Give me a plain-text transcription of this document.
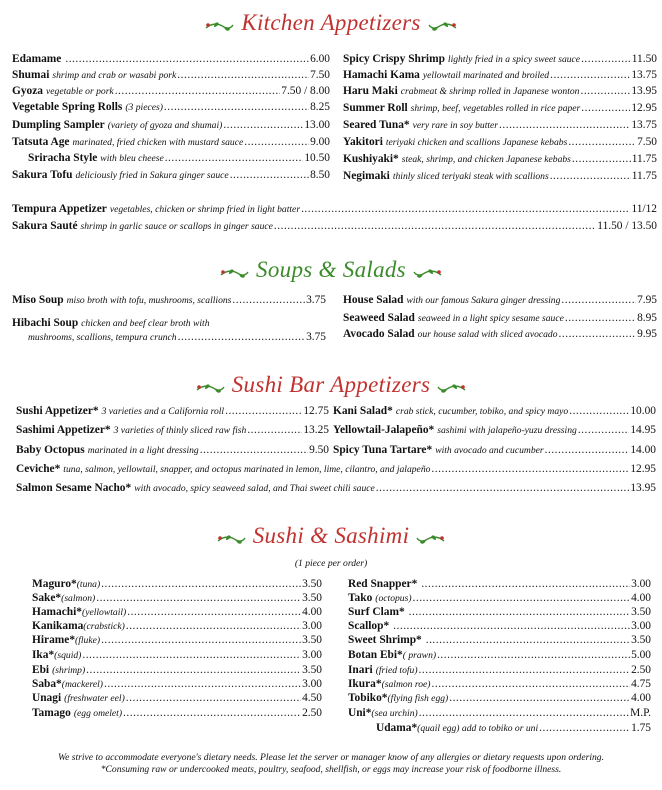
Kitchen Appetizers
Soups & Salads
Sushi Bar Appetizers
Sushi & Sashimi
Edamame .....	6.00
Shumai shrimp and crab or wasabi pork .....	7.50
Gyoza vegetable or pork .....	7.50 / 8.00
Vegetable Spring Rolls (3 pieces) .....	8.25
Dumpling Sampler (variety of gyoza and shumai) .....	13.00
Tatsuta Age marinated, fried chicken with mustard sauce .....	9.00
Sriracha Style with bleu cheese .....	10.50
Sakura Tofu deliciously fried in Sakura ginger sauce .....	8.50
Spicy Crispy Shrimp lightly fried in a spicy sweet sauce .....	11.50
Hamachi Kama yellowtail marinated and broiled .....	13.75
Haru Maki crabmeat & shrimp rolled in Japanese wonton .....	13.95
Summer Roll shrimp, beef, vegetables rolled in rice paper .....	12.95
Seared Tuna* very rare in soy butter .....	13.75
Yakitori teriyaki chicken and scallions Japanese kebabs .....	7.50
Kushiyaki* steak, shrimp, and chicken Japanese kebabs .....	11.75
Negimaki thinly sliced teriyaki steak with scallions .....	11.75
Tempura Appetizer vegetables, chicken or shrimp fried in light batter .....	11/12
Sakura Sauté shrimp in garlic sauce or scallops in ginger sauce .....	11.50 / 13.50
Miso Soup miso broth with tofu, mushrooms, scallions .....	3.75
Hibachi Soup chicken and beef clear broth with
mushrooms, scallions, tempura crunch .....	3.75
House Salad with our famous Sakura ginger dressing .....	7.95
Seaweed Salad seaweed in a light spicy sesame sauce .....	8.95
Avocado Salad our house salad with sliced avocado .....	9.95
Sushi Appetizer* 3 varieties and a California roll .....	12.75
Sashimi Appetizer* 3 varieties of thinly sliced raw fish .....	13.25
Baby Octopus marinated in a light dressing .....	9.50
Kani Salad* crab stick, cucumber, tobiko, and spicy mayo .....	10.00
Yellowtail-Jalapeño* sashimi with jalapeño-yuzu dressing .....	14.95
Spicy Tuna Tartare* with avocado and cucumber .....	14.00
Ceviche* tuna, salmon, yellowtail, snapper, and octopus marinated in lemon, lime, cilantro, and jalapeño .....	12.95
Salmon Sesame Nacho* with avocado, spicy seaweed salad, and Thai sweet chili sauce .....	13.95
(1 piece per order)
Maguro* (tuna) .....	3.50
Sake* (salmon) .....	3.50
Hamachi* (yellowtail) .....	4.00
Kanikama (crabstick) .....	3.00
Hirame* (fluke) .....	3.50
Ika* (squid) .....	3.00
Ebi (shrimp) .....	3.50
Saba* (mackerel) .....	3.00
Unagi (freshwater eel) .....	4.50
Tamago (egg omelet) .....	2.50
Red Snapper* .....	3.00
Tako (octopus) .....	4.00
Surf Clam* .....	3.50
Scallop* .....	3.00
Sweet Shrimp* .....	3.50
Botan Ebi* ( prawn) .....	5.00
Inari (fried tofu) .....	2.50
Ikura* (salmon roe) .....	4.75
Tobiko* (flying fish egg) .....	4.00
Uni* (sea urchin) .....	M.P.
Udama* (quail egg) add to tobiko or uni .....	1.75
We strive to accommodate everyone's dietary needs. Please let the server or manager know of any allergies or dietary requests upon ordering.
*Consuming raw or undercooked meats, poultry, seafood, shellfish, or eggs may increase your risk of foodborne illness.
